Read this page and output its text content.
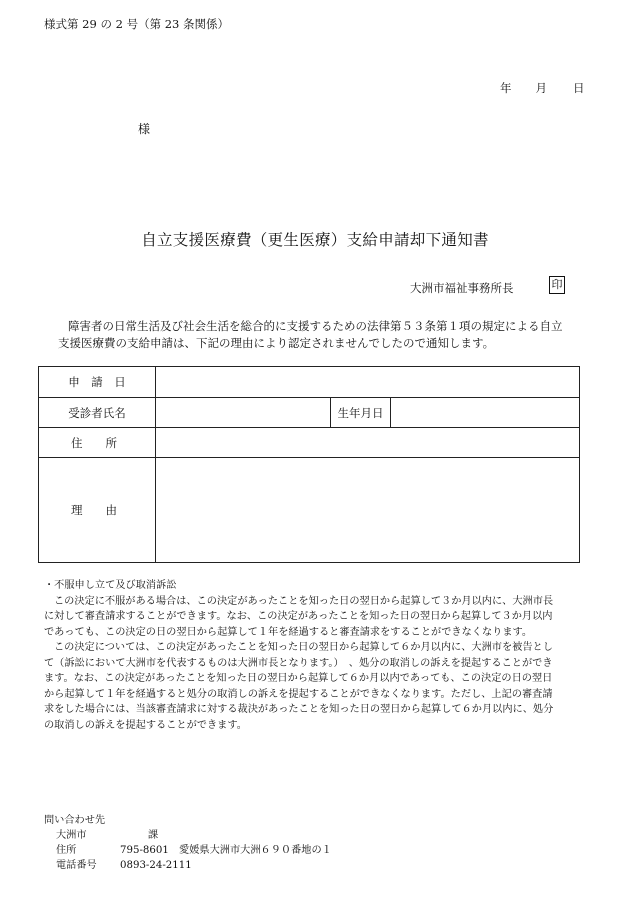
様式第 29 の 2 号（第 23 条関係）
年 月 日
様
自立支援医療費（更生医療）支給申請却下通知書
大洲市福祉事務所長	印
障害者の日常生活及び社会生活を総合的に支援するための法律第５３条第１項の規定による自立
支援医療費の支給申請は、下記の理由により認定されませんでしたので通知します。
申　請　日			
受診者氏名		生年月日	
住　　所			
理　　由			
・不服申し立て及び取消訴訟
この決定に不服がある場合は、この決定があったことを知った日の翌日から起算して３か月以内に、大洲市長
に対して審査請求することができます。なお、この決定があったことを知った日の翌日から起算して３か月以内
であっても、この決定の日の翌日から起算して１年を経過すると審査請求をすることができなくなります。
この決定については、この決定があったことを知った日の翌日から起算して６か月以内に、大洲市を被告とし
て（訴訟において大洲市を代表するものは大洲市長となります。）　、処分の取消しの訴えを提起することができ
ます。なお、この決定があったことを知った日の翌日から起算して６か月以内であっても、この決定の日の翌日
から起算して１年を経過すると処分の取消しの訴えを提起することができなくなります。ただし、上記の審査請
求をした場合には、当該審査請求に対する裁決があったことを知った日の翌日から起算して６か月以内に、処分
の取消しの訴えを提起することができます。
問い合わせ先
大洲市	課
住所	795-8601　 愛媛県大洲市大洲６９０番地の１
電話番号 0893-24-2111
